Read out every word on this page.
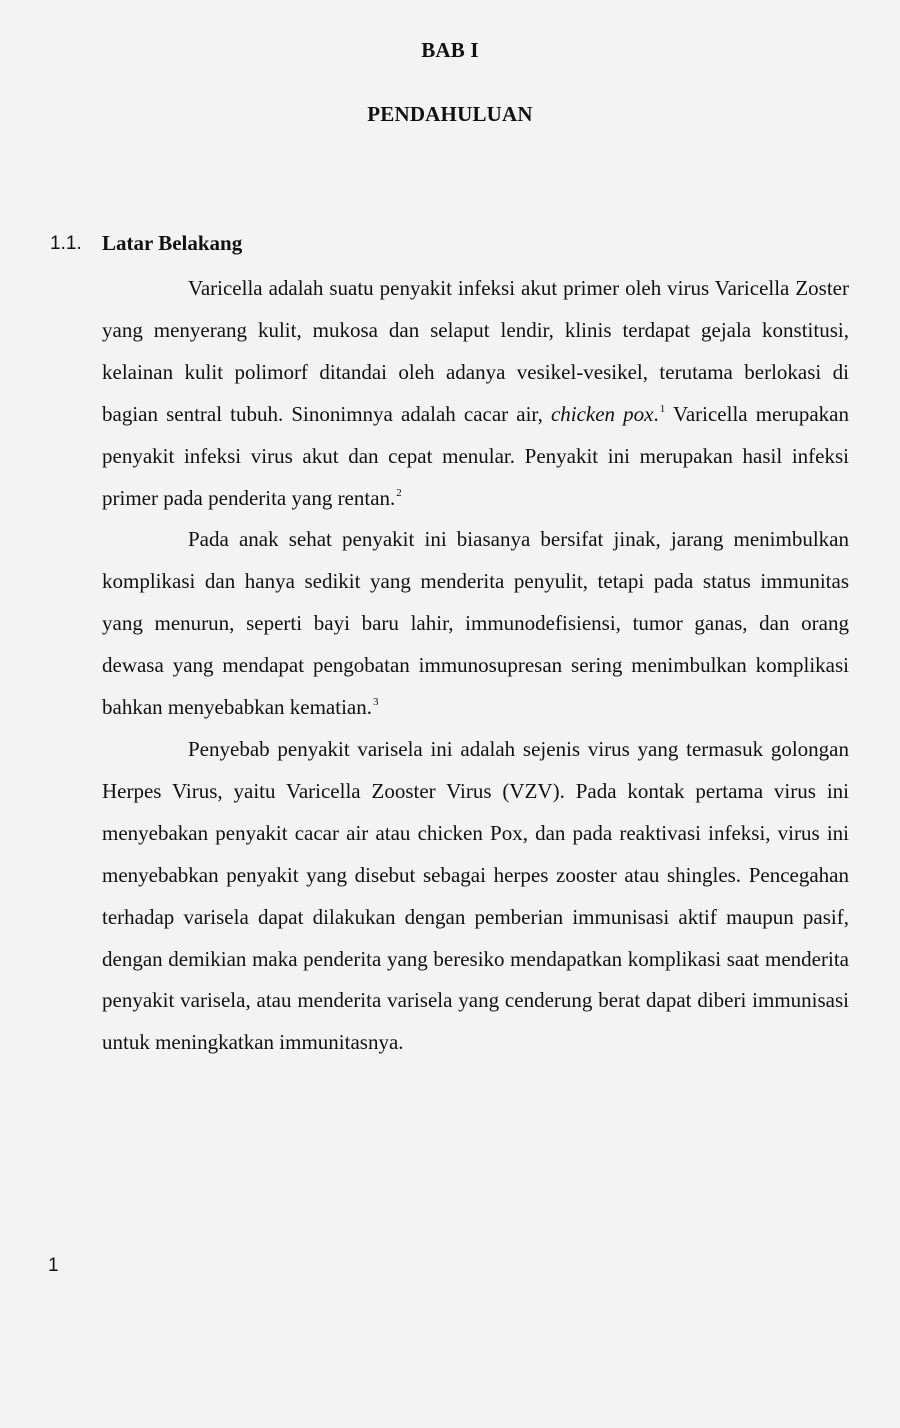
BAB I
PENDAHULUAN
1.1. Latar Belakang

Varicella adalah suatu penyakit infeksi akut primer oleh virus Varicella Zoster yang menyerang kulit, mukosa dan selaput lendir, klinis terdapat gejala konstitusi, kelainan kulit polimorf ditandai oleh adanya vesikel-vesikel, terutama berlokasi di bagian sentral tubuh. Sinonimnya adalah cacar air, chicken pox.$^1$ Varicella merupakan penyakit infeksi virus akut dan cepat menular. Penyakit ini merupakan hasil infeksi primer pada penderita yang rentan.$^2$

Pada anak sehat penyakit ini biasanya bersifat jinak, jarang menimbulkan komplikasi dan hanya sedikit yang menderita penyulit, tetapi pada status immunitas yang menurun, seperti bayi baru lahir, immunodefisiensi, tumor ganas, dan orang dewasa yang mendapat pengobatan immunosupresan sering menimbulkan komplikasi bahkan menyebabkan kematian.$^3$

Penyebab penyakit varisela ini adalah sejenis virus yang termasuk golongan Herpes Virus, yaitu Varicella Zooster Virus (VZV). Pada kontak pertama virus ini menyebakan penyakit cacar air atau chicken Pox, dan pada reaktivasi infeksi, virus ini menyebabkan penyakit yang disebut sebagai herpes zooster atau shingles. Pencegahan terhadap varisela dapat dilakukan dengan pemberian immunisasi aktif maupun pasif, dengan demikian maka penderita yang beresiko mendapatkan komplikasi saat menderita penyakit varisela, atau menderita varisela yang cenderung berat dapat diberi immunisasi untuk meningkatkan immunitasnya.

1
